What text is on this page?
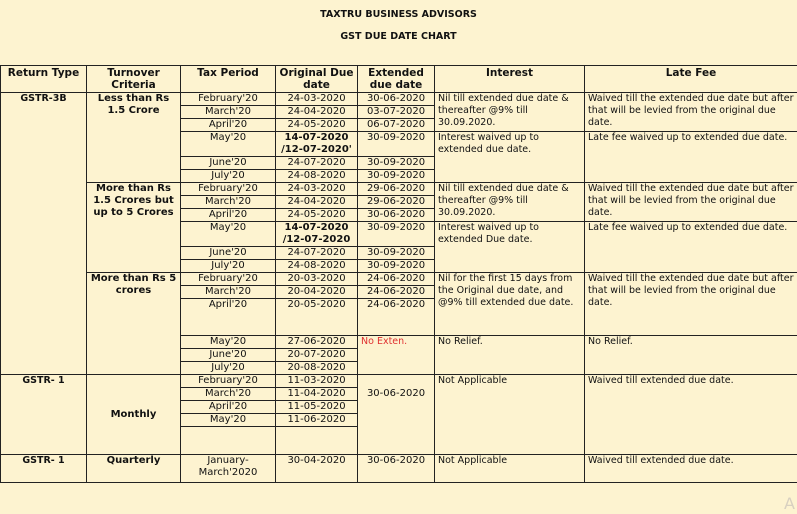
TAXTRU BUSINESS ADVISORS
GST DUE DATE CHART
Return Type	Turnover Criteria	Tax Period	Original Due date	Extended due date	Interest	Late Fee
GSTR-3B	Less than Rs 1.5 Crore	February'20	24-03-2020	30-06-2020	Nil till extended due date & thereafter @9% till 30.09.2020.	Waived till the extended due date but after that will be levied from the original due date.
		March'20	24-04-2020	03-07-2020		
		April'20	24-05-2020	06-07-2020		
		May'20	14-07-2020 /12-07-2020'	30-09-2020	Interest waived up to extended due date.	Late fee waived up to extended due date.
		June'20	24-07-2020	30-09-2020		
		July'20	24-08-2020	30-09-2020		
	More than Rs 1.5 Crores but up to 5 Crores	February'20	24-03-2020	29-06-2020	Nil till extended due date & thereafter @9% till 30.09.2020.	Waived till the extended due date but after that will be levied from the original due date.
		March'20	24-04-2020	29-06-2020		
		April'20	24-05-2020	30-06-2020		
		May'20	14-07-2020 /12-07-2020	30-09-2020	Interest waived up to extended Due date.	Late fee waived up to extended due date.
		June'20	24-07-2020	30-09-2020		
		July'20	24-08-2020	30-09-2020		
	More than Rs 5 crores	February'20	20-03-2020	24-06-2020	Nil for the first 15 days from the Original due date, and @9% till extended due date.	Waived till the extended due date but after that will be levied from the original due date.
		March'20	20-04-2020	24-06-2020		
		April'20	20-05-2020	24-06-2020		
		May'20	27-06-2020	No Exten.	No Relief.	No Relief.
		June'20	20-07-2020			
		July'20	20-08-2020			
GSTR- 1	Monthly	February'20	11-03-2020	30-06-2020	Not Applicable	Waived till extended due date.
		March'20	11-04-2020			
		April'20	11-05-2020			
		May'20	11-06-2020			

GSTR- 1	Quarterly	January-March'2020	30-04-2020	30-06-2020	Not Applicable	Waived till extended due date.
A
